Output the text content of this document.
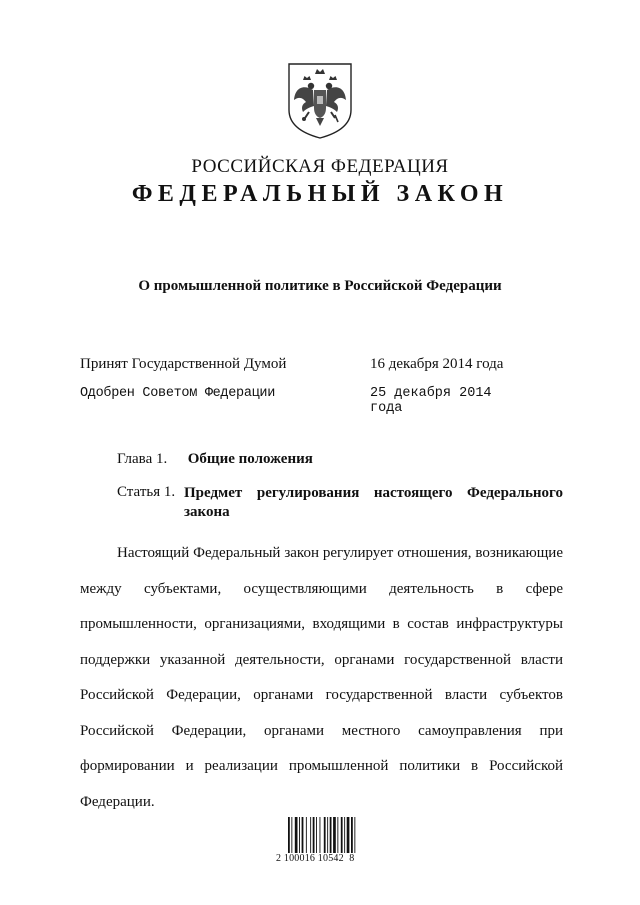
РОССИЙСКАЯ ФЕДЕРАЦИЯ
ФЕДЕРАЛЬНЫЙ ЗАКОН
О промышленной политике в Российской Федерации
Принят Государственной Думой	16 декабря 2014 года
Одобрен Советом Федерации	25 декабря 2014 года
Глава 1. Общие положения
Статья 1. Предмет регулирования настоящего Федерального закона
Настоящий Федеральный закон регулирует отношения, возникающие между субъектами, осуществляющими деятельность в сфере промышленности, организациями, входящими в состав инфраструктуры поддержки указанной деятельности, органами государственной власти Российской Федерации, органами государственной власти субъектов Российской Федерации, органами местного самоуправления при формировании и реализации промышленной политики в Российской Федерации.
2 100016 10542  8
